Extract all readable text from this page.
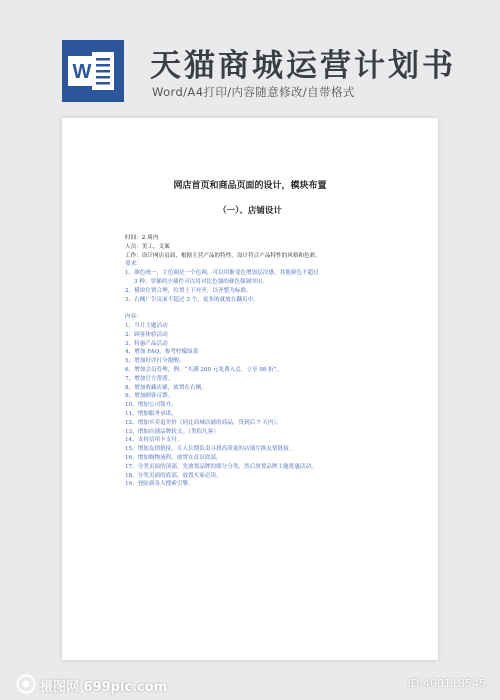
W 天猫商城运营计划书
Word/A4打印/内容随意修改/自带格式
网店首页和商品页面的设计，模块布置
（一）、店铺设计
时间：2 周内
人员：美工，文案
工作：设计网店页面，根据主营产品的特性，设计符合产品特性的风格和色彩。
要求：
1、颜色统一，主色调是一个色调，可以用渐变色增加层次感，其他颜色不超过
3 种。穿插的小插件可以用对比色强的颜色强调突出。
2、模块位置合理，位置上下对齐，以齐整为标准。
3、右侧广告页面不超过 3 个，更多的就放在翻页中。
内容：
1、当月主题活动
2、顾客体验活动
3、特惠产品活动
4、增加 FAQ，参考柠檬绿茶
5、增加好评打分提醒。
6、增加会员管理，例：“买满 200 元免费入会，立享 98 折”。
7、增加官方帮派。
8、增加收藏店铺，放置在右侧。
9、增加顾客反馈。
10、增加公司简介。
11、增加服务承诺。
12、增加买卖退差价（同比商城店铺的商品，货到后 7 天内）。
13、增加店铺品牌软文。（类似凡客）
14、支持信用卡支付。
15、增加友情链接，专人长期负责寻找高质量的店铺互换友情链接。
16、增加购物流程，放置在首页底部。
17、分类页面的顶部，先放置品牌的细分分类，然后放置品牌主题优惠活动。
18、分类页面的底部，放置买家必读。
19、登陆到各大搜索引擎。
摄图网 699pic.com	ID:400118545
